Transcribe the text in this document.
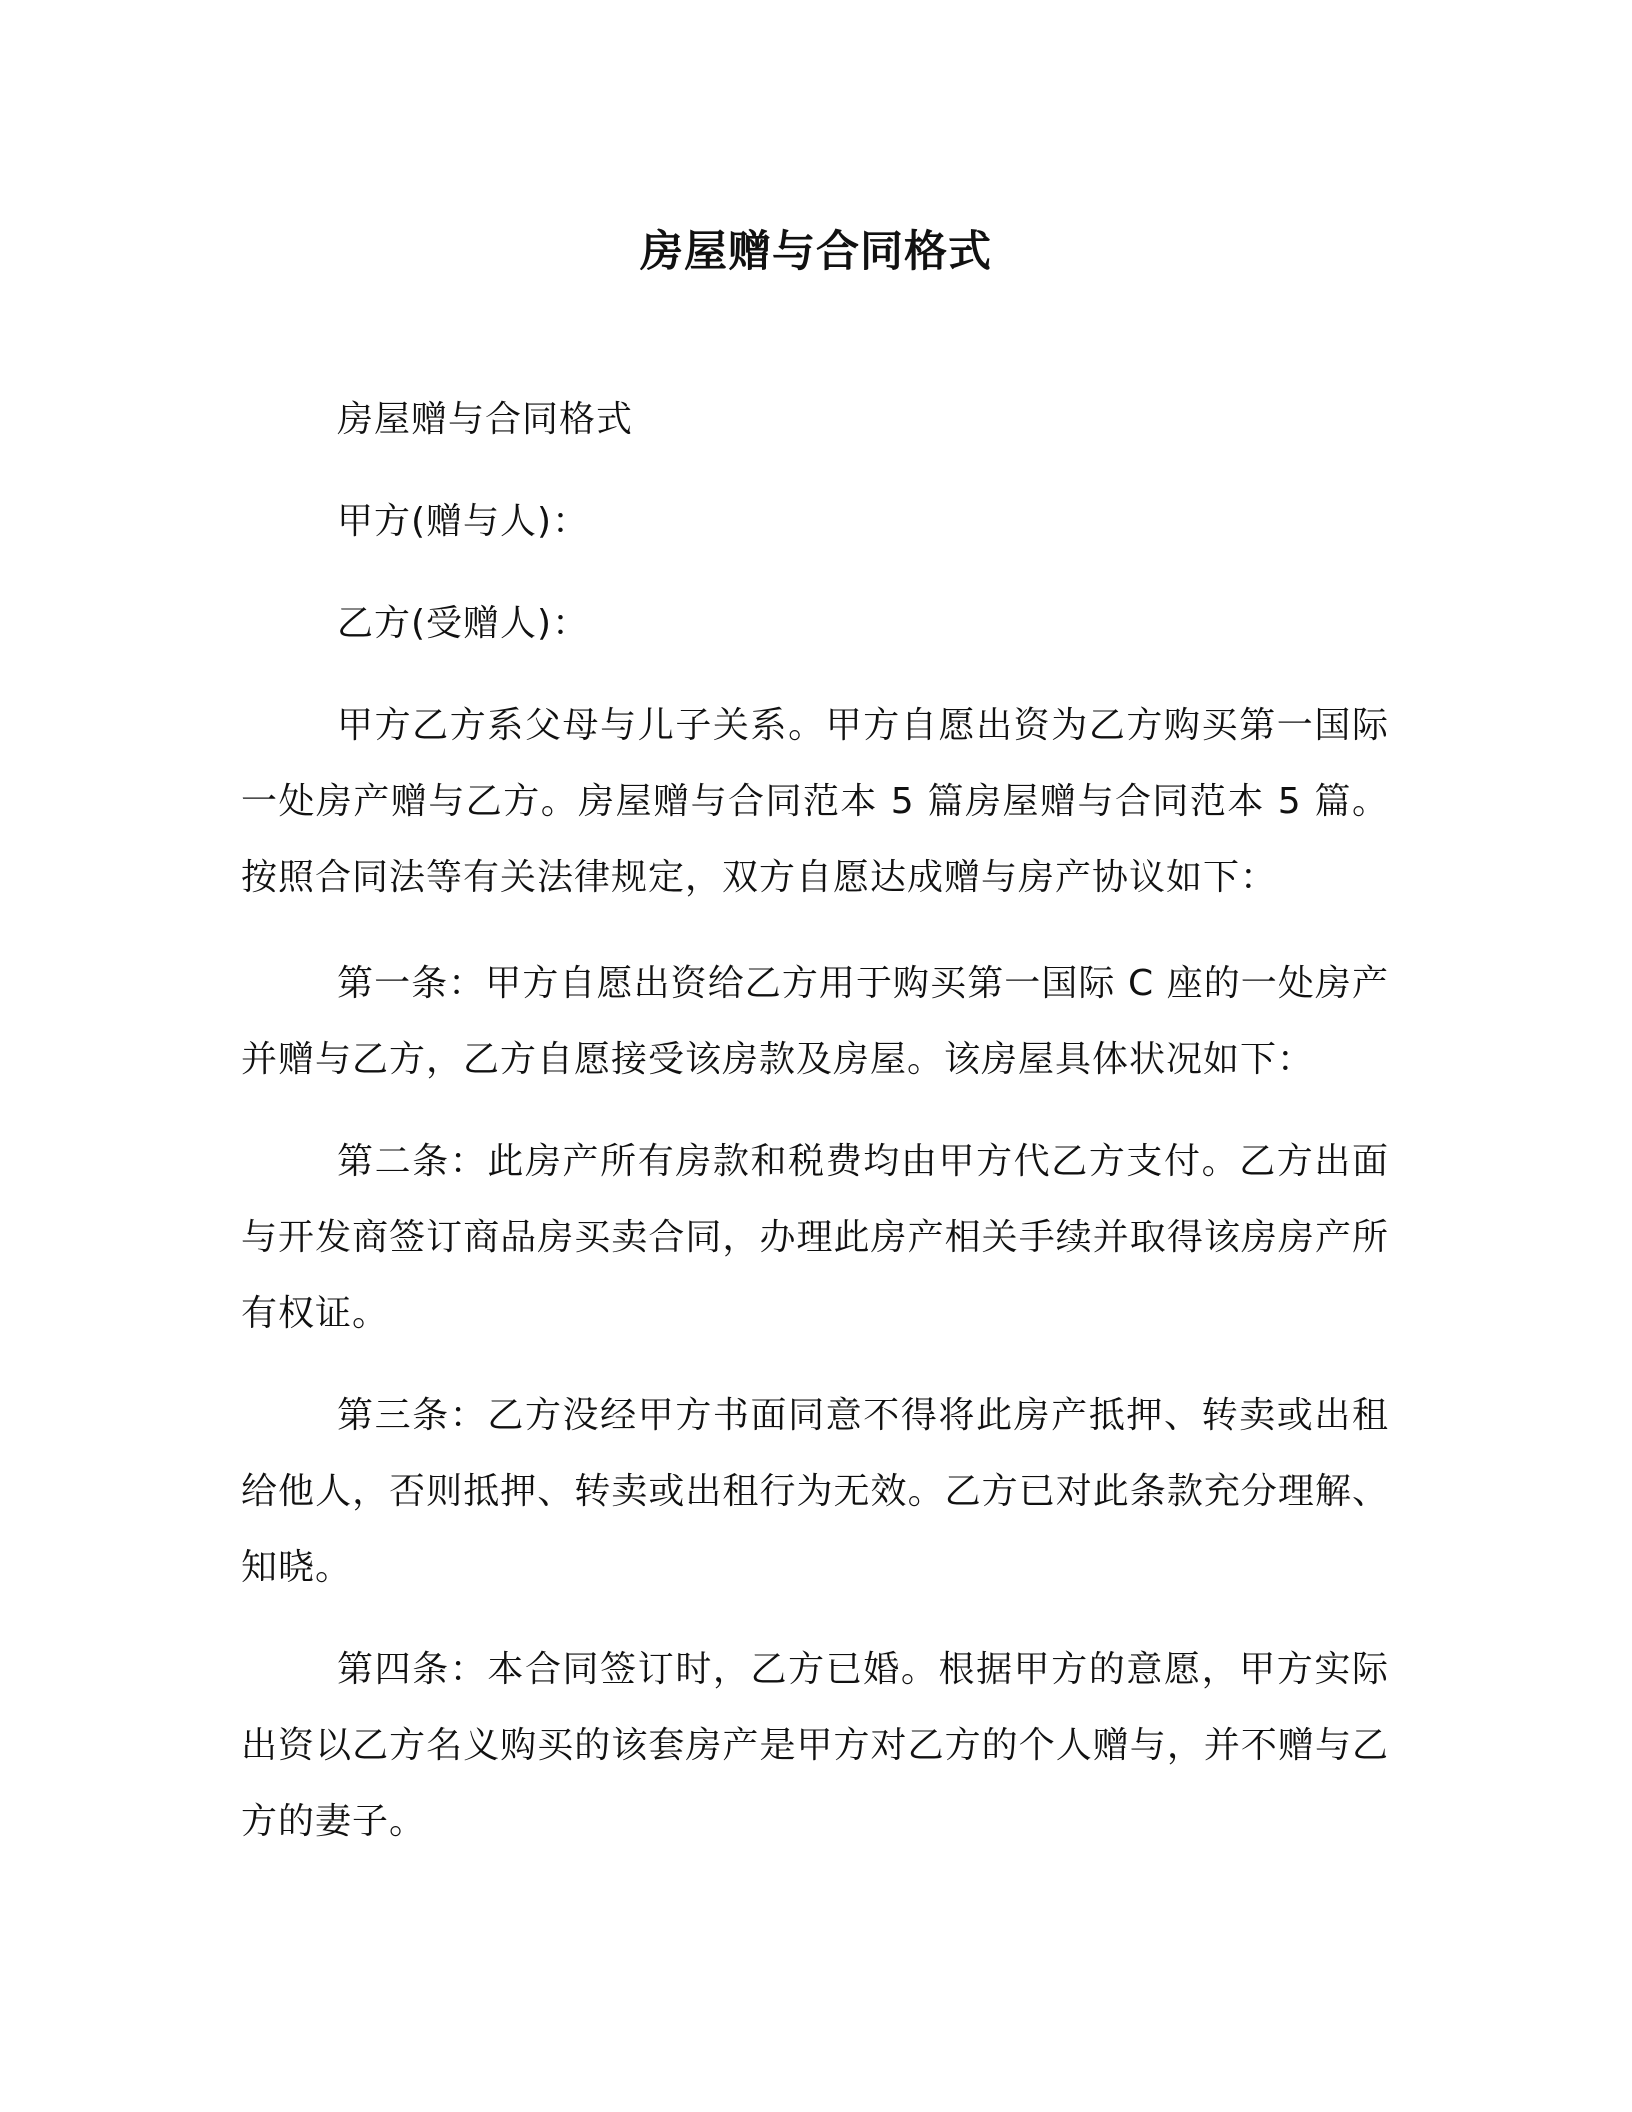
房屋赠与合同格式

房屋赠与合同格式

甲方(赠与人)：

乙方(受赠人)：

甲方乙方系父母与儿子关系。甲方自愿出资为乙方购买第一国际一处房产赠与乙方。房屋赠与合同范本 5 篇房屋赠与合同范本 5 篇。按照合同法等有关法律规定，双方自愿达成赠与房产协议如下：

第一条：甲方自愿出资给乙方用于购买第一国际 C 座的一处房产并赠与乙方，乙方自愿接受该房款及房屋。该房屋具体状况如下：

第二条：此房产所有房款和税费均由甲方代乙方支付。乙方出面与开发商签订商品房买卖合同，办理此房产相关手续并取得该房房产所有权证。

第三条：乙方没经甲方书面同意不得将此房产抵押、转卖或出租给他人，否则抵押、转卖或出租行为无效。乙方已对此条款充分理解、知晓。

第四条：本合同签订时，乙方已婚。根据甲方的意愿，甲方实际出资以乙方名义购买的该套房产是甲方对乙方的个人赠与，并不赠与乙方的妻子。
